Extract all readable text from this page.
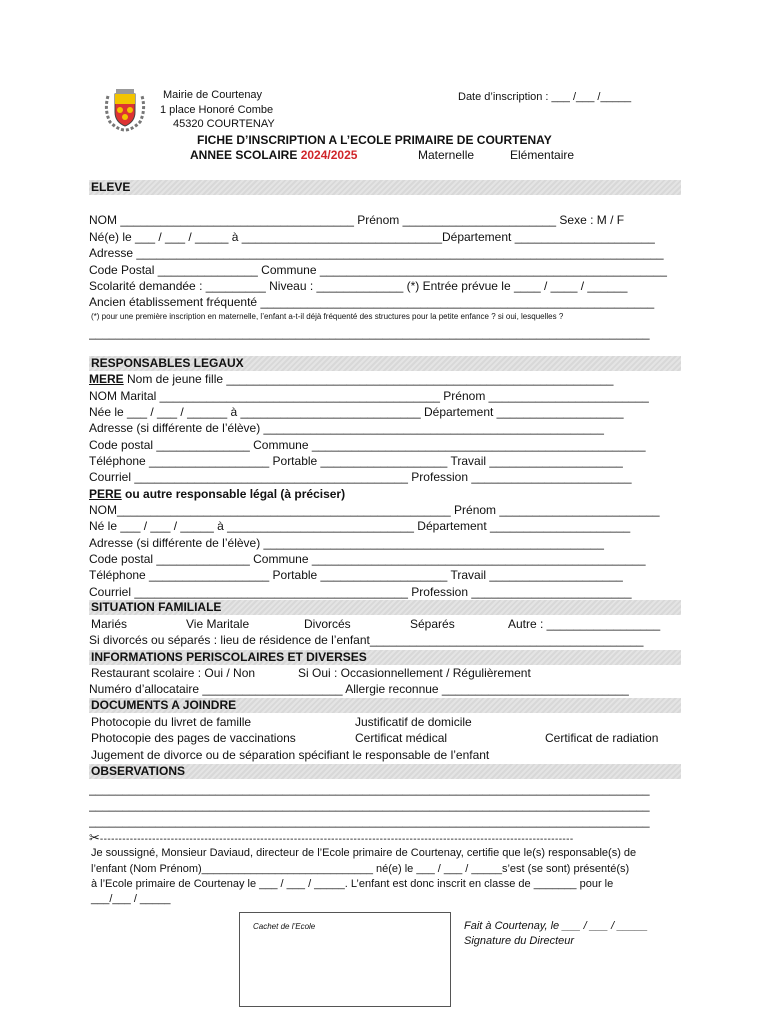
Mairie de Courtenay
1 place Honoré Combe
45320 COURTENAY
Date d’inscription : ___ /___ /_____
FICHE D’INSCRIPTION A L’ECOLE PRIMAIRE DE COURTENAY
ANNEE SCOLAIRE 2024/2025	Maternelle	Elémentaire
ELEVE
NOM ___________________________________ Prénom _______________________ Sexe : M / F
Né(e) le ___ / ___ / _____ à ______________________________Département _____________________
Adresse _______________________________________________________________________________
Code Postal _______________ Commune ____________________________________________________
Scolarité demandée : _________ Niveau : _____________ (*) Entrée prévue le ____ / ____ / ______
Ancien établissement fréquenté ___________________________________________________________
(*) pour une première inscription en maternelle, l’enfant a-t-il déjà fréquenté des structures pour la petite enfance ? si oui, lesquelles ?
____________________________________________________________________________________
RESPONSABLES LEGAUX
MERE Nom de jeune fille __________________________________________________________
NOM Marital __________________________________________ Prénom ________________________
Née le ___ / ___ / ______ à ___________________________ Département ___________________
Adresse (si différente de l’élève) ___________________________________________________
Code postal ______________ Commune __________________________________________________
Téléphone __________________ Portable ___________________ Travail ____________________
Courriel _________________________________________ Profession ________________________
PERE ou autre responsable légal (à préciser)
NOM__________________________________________________ Prénom ________________________
Né le ___ / ___ / _____ à ____________________________ Département _____________________
Adresse (si différente de l’élève) ___________________________________________________
Code postal ______________ Commune __________________________________________________
Téléphone __________________ Portable ___________________ Travail ____________________
Courriel _________________________________________ Profession ________________________
SITUATION FAMILIALE
Mariés	Vie Maritale	Divorcés	Séparés	Autre : _________________
Si divorcés ou séparés : lieu de résidence de l’enfant_________________________________________
INFORMATIONS PERISCOLAIRES ET DIVERSES
Restaurant scolaire : Oui / Non	Si Oui : Occasionnellement / Régulièrement
Numéro d’allocataire _____________________ Allergie reconnue ____________________________
DOCUMENTS A JOINDRE
Photocopie du livret de famille	Justificatif de domicile
Photocopie des pages de vaccinations	Certificat médical	Certificat de radiation
Jugement de divorce ou de séparation spécifiant le responsable de l’enfant
OBSERVATIONS
____________________________________________________________________________________
____________________________________________________________________________________
____________________________________________________________________________________
✂-------------------------------------------------------------------------------------------------------------------------------
Je soussigné, Monsieur Daviaud, directeur de l’Ecole primaire de Courtenay, certifie que le(s) responsable(s) de
l’enfant (Nom Prénom)____________________________ né(e) le ___ / ___ / _____s’est (se sont) présenté(s)
à l’Ecole primaire de Courtenay le ___ / ___ / _____. L’enfant est donc inscrit en classe de _______ pour le
___/___ / _____
Cachet de l’Ecole	Fait à Courtenay, le ___ / ___ / _____
Signature du Directeur
